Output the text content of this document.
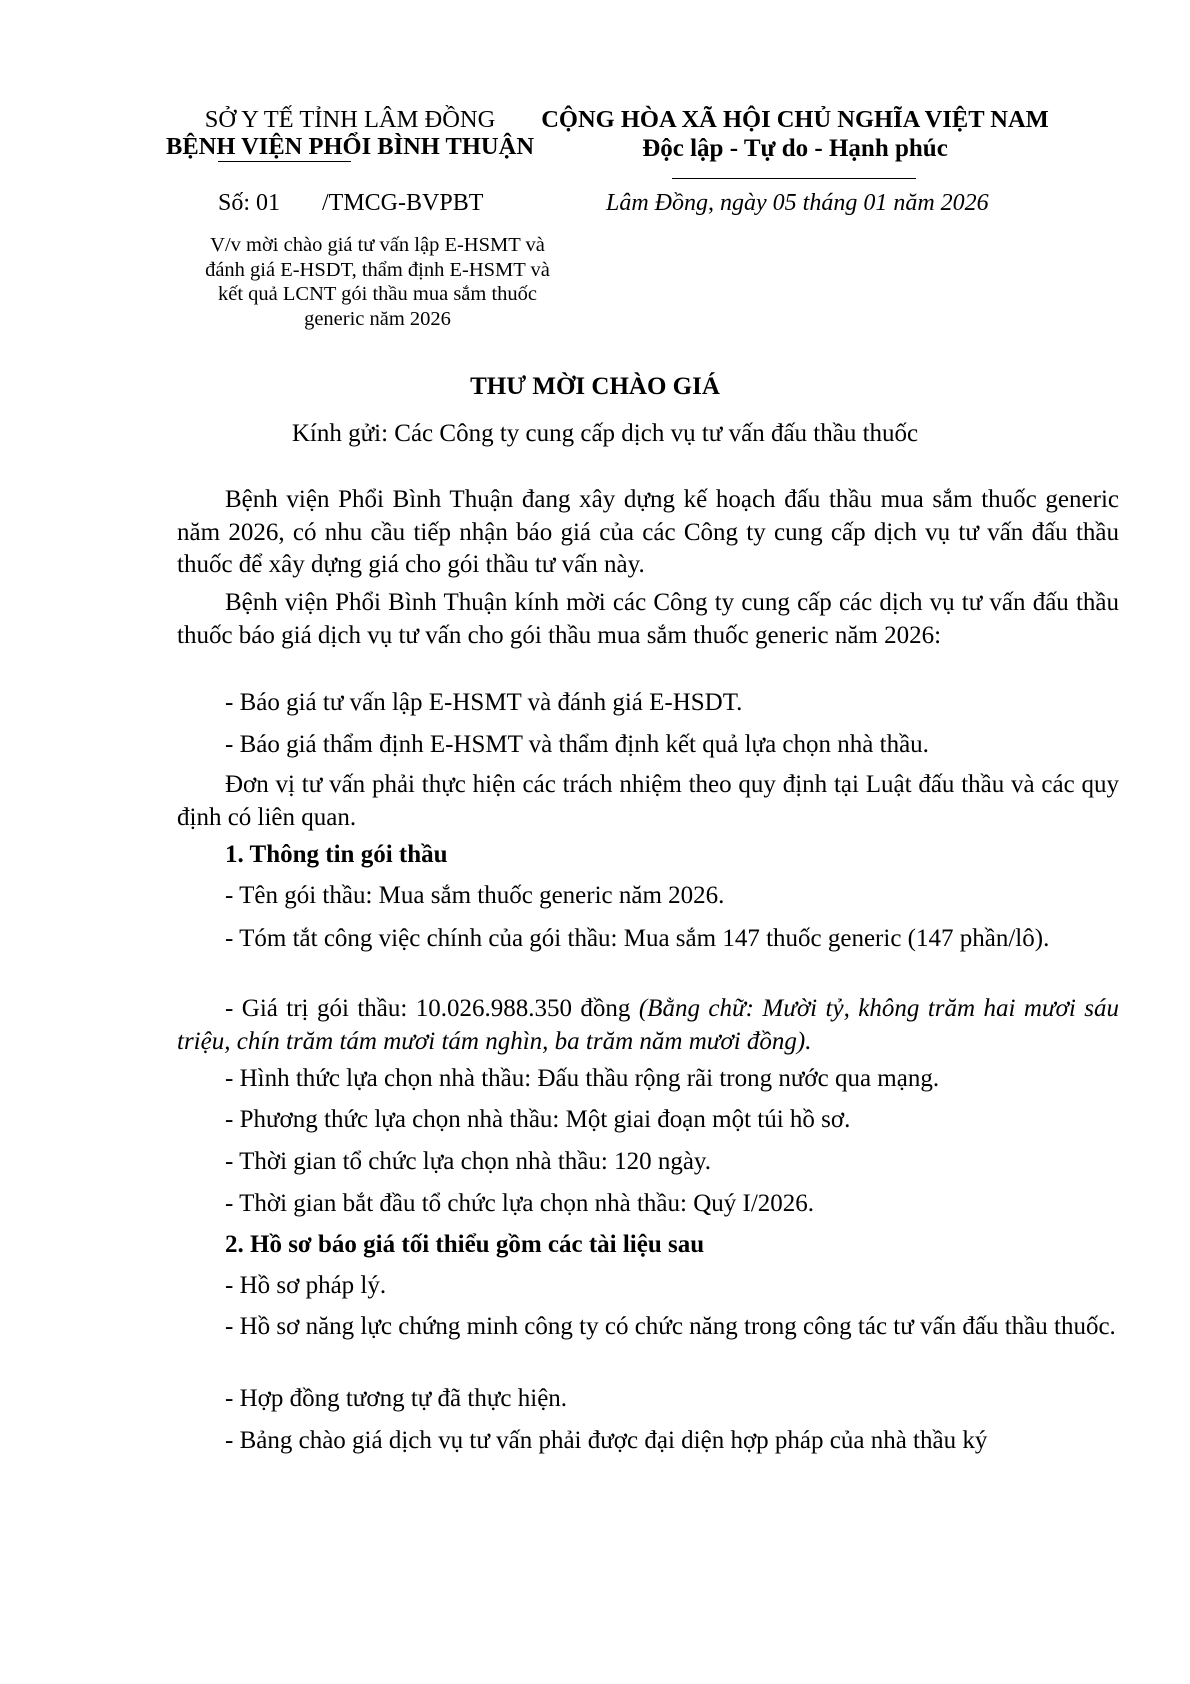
SỞ Y TẾ TỈNH LÂM ĐỒNG
BỆNH VIỆN PHỔI BÌNH THUẬN
CỘNG HÒA XÃ HỘI CHỦ NGHĨA VIỆT NAM
Độc lập - Tự do - Hạnh phúc
Số: 01 /TMCG-BVPBT	Lâm Đồng, ngày 05 tháng 01 năm 2026
V/v mời chào giá tư vấn lập E-HSMT và
đánh giá E-HSDT, thẩm định E-HSMT và
kết quả LCNT gói thầu mua sắm thuốc
generic năm 2026
THƯ MỜI CHÀO GIÁ
Kính gửi: Các Công ty cung cấp dịch vụ tư vấn đấu thầu thuốc
Bệnh viện Phổi Bình Thuận đang xây dựng kế hoạch đấu thầu mua sắm thuốc generic năm 2026, có nhu cầu tiếp nhận báo giá của các Công ty cung cấp dịch vụ tư vấn đấu thầu thuốc để xây dựng giá cho gói thầu tư vấn này.
Bệnh viện Phổi Bình Thuận kính mời các Công ty cung cấp các dịch vụ tư vấn đấu thầu thuốc báo giá dịch vụ tư vấn cho gói thầu mua sắm thuốc generic năm 2026:
- Báo giá tư vấn lập E-HSMT và đánh giá E-HSDT.
- Báo giá thẩm định E-HSMT và thẩm định kết quả lựa chọn nhà thầu.
Đơn vị tư vấn phải thực hiện các trách nhiệm theo quy định tại Luật đấu thầu và các quy định có liên quan.
1. Thông tin gói thầu
- Tên gói thầu: Mua sắm thuốc generic năm 2026.
- Tóm tắt công việc chính của gói thầu: Mua sắm 147 thuốc generic (147 phần/lô).
- Giá trị gói thầu: 10.026.988.350 đồng (Bằng chữ: Mười tỷ, không trăm hai mươi sáu triệu, chín trăm tám mươi tám nghìn, ba trăm năm mươi đồng).
- Hình thức lựa chọn nhà thầu: Đấu thầu rộng rãi trong nước qua mạng.
- Phương thức lựa chọn nhà thầu: Một giai đoạn một túi hồ sơ.
- Thời gian tổ chức lựa chọn nhà thầu: 120 ngày.
- Thời gian bắt đầu tổ chức lựa chọn nhà thầu: Quý I/2026.
2. Hồ sơ báo giá tối thiểu gồm các tài liệu sau
- Hồ sơ pháp lý.
- Hồ sơ năng lực chứng minh công ty có chức năng trong công tác tư vấn đấu thầu thuốc.
- Hợp đồng tương tự đã thực hiện.
- Bảng chào giá dịch vụ tư vấn phải được đại diện hợp pháp của nhà thầu ký
